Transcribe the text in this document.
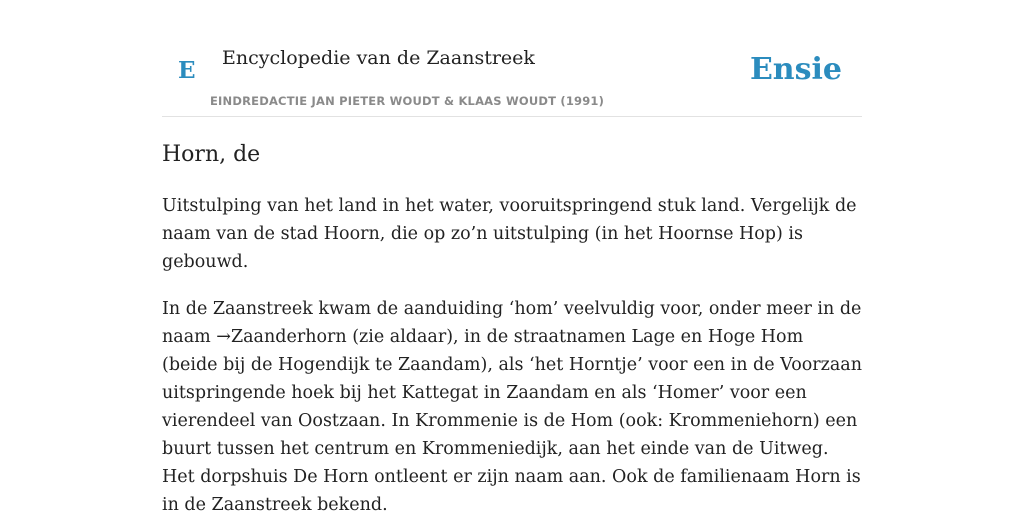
E Encyclopedie van de Zaanstreek
EINDREDACTIE JAN PIETER WOUDT & KLAAS WOUDT (1991)
Ensie
Horn, de

Uitstulping van het land in het water, vooruitspringend stuk land. Vergelijk de naam van de stad Hoorn, die op zo’n uitstulping (in het Hoornse Hop) is gebouwd.

In de Zaanstreek kwam de aanduiding ‘hom’ veelvuldig voor, onder meer in de naam →Zaanderhorn (zie aldaar), in de straatnamen Lage en Hoge Hom (beide bij de Hogendijk te Zaandam), als ‘het Horntje’ voor een in de Voorzaan uitspringende hoek bij het Kattegat in Zaandam en als ‘Homer’ voor een vierendeel van Oostzaan. In Krommenie is de Hom (ook: Krommeniehorn) een buurt tussen het centrum en Krommeniedijk, aan het einde van de Uitweg. Het dorpshuis De Horn ontleent er zijn naam aan. Ook de familienaam Horn is in de Zaanstreek bekend.
